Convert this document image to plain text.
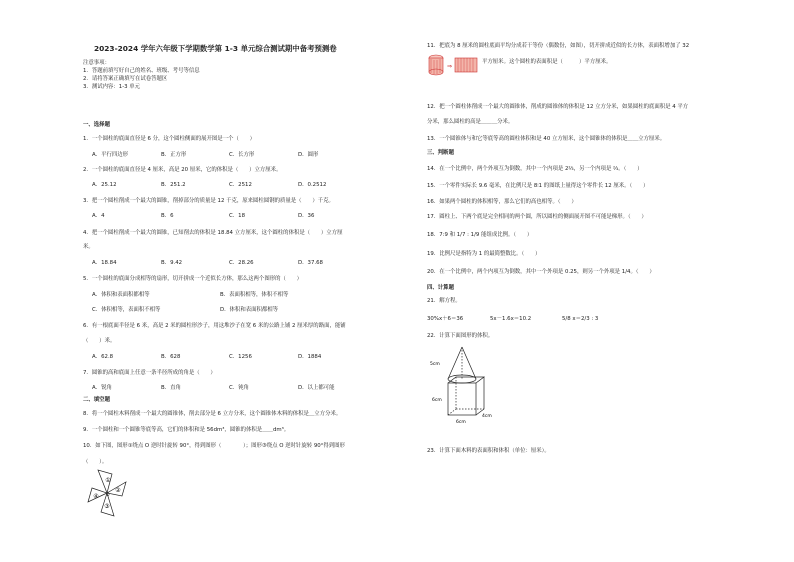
2023-2024 学年六年级下学期数学第 1-3 单元综合测试期中备考预测卷
注意事项：
1．答题前填写好自己的姓名、班级、考号等信息
2．请将答案正确填写在试卷答题区
3．测试内容：1-3 单元
一、选择题
1．一个圆柱的底面直径是 6 分，这个圆柱侧面的展开图是一个（　　）
A．平行四边形	B．正方形	C．长方形	D．圆形
2．一个圆柱的底面直径是 4 厘米，高是 20 厘米，它的体积是（　　）立方厘米。
A．25.12	B．251.2	C．2512	D．0.2512
3．把一个圆柱削成一个最大的圆锥，削掉部分的质量是 12 千克，原来圆柱圆钢的质量是（　　）千克。
A．4	B．6	C．18	D．36
4．把一个圆柱削成一个最大的圆锥，已知削去的体积是 18.84 立方厘米，这个圆柱的体积是（　　）立方厘
米。
A．18.84	B．9.42	C．28.26	D．37.68
5．一个圆柱的底面分成相等的扇形，切开拼成一个近似长方体，那么这两个图形的（　　）
A．体积和表面积都相等	B．表面积相等，体积不相等
C．体积相等，表面积不相等	D．体积和表面积都相等
6．有一根底面半径是 6 米，高是 2 米的圆柱形沙子，用这堆沙子在宽 6 米的公路上铺 2 厘米厚的路面，能铺
（　　）米。
A．62.8	B．628	C．1256	D．1884
7．圆锥的高和底面上任意一条半径所成的角是（　　）
A．锐角	B．直角	C．钝角	D．以上都可能
二、填空题
8．将一个圆柱木料削成一个最大的圆锥体，削去部分是 6 立方分米，这个圆锥体木料的体积是＿立方分米。
9．一个圆柱和一个圆锥等底等高，它们的体积和是 56dm³，圆锥的体积是＿＿dm³。
10．如下图，图形①绕点 O 逆时针旋转 90°，得到图形（　　　　）；图形③绕点 O 逆时针旋转 90°得到图形
（　　）。
①
②
③
④ O
11．把底为 8 厘米的圆柱底面平均分成若干等份（偶数份，如图），切开拼成近似的长方体，表面积增加了 32
⇒
平方厘米。这个圆柱的表面积是（　　　）平方厘米。
12．把一个圆柱体削成一个最大的圆锥体，削成的圆锥体的体积是 12 立方分米，如果圆柱的底面积是 4 平方
分米，那么圆柱的高是＿＿＿分米。
13．一个圆锥体与和它等底等高的圆柱体积和是 40 立方厘米，这个圆锥体的体积是＿＿立方厘米。
三、判断题
14．在一个比例中，两个外项互为倒数，其中一个内项是 2⅔，另一个内项是 ⅔。（　　）
15．一个零件实际长 9.6 毫米，在比例尺是 8∶1 的图纸上量得这个零件长 12 厘米。（　　）
16．如果两个圆柱的体积相等，那么它们的高也相等。（　　）
17．圆柱上、下两个底是完全相同的两个圆，所以圆柱的侧面展开图不可能是梯形。（　　）
18．7:9 和 1/7 : 1/9 能组成比例。（　　）
19．比例尺是指特为 1 的最简整数比。（　　）
20．在一个比例中，两个内项互为倒数，其中一个外项是 0.25，则另一个外项是 1/4。（　　）
四、计算题
21．解方程。
30%x＋6＝36	5x－1.6x＝10.2	5/8 x＝2/3 : 3
22．计算下面图形的体积。
5cm
6cm
4cm
6cm
23．计算下面木料的表面积和体积（单位：厘米）。
